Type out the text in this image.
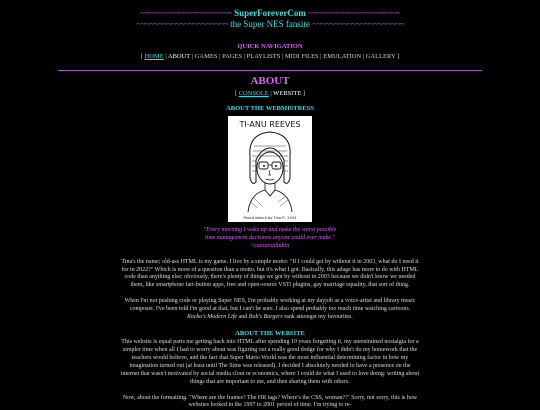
~~~~~~~~~~~~~~~~~~~~~ SuperForeverCom ~~~~~~~~~~~~~~~~~~~~~
~~~~~~~~~~~~~~~~~~~~~ the Super NES fansite ~~~~~~~~~~~~~~~~~~~~~
QUICK NAVIGATION
[ HOME | ABOUT | GAMES | PAGES | PLAYLISTS | MIDI FILES | EMULATION | GALLERY ]
ABOUT
[ CONSOLE | WEBSITE ]
ABOUT THE WEBMISTRESS
TI-ANU REEVES
Pencil sketch by Tina P., 2019
"Every morning I wake up and make the worst possible
time management decisions anyone could ever make."
~caesarsaladtin
Tina's the name; old-ass HTML is my game. I live by a simple motto: "If I could get by without it in 2003, what do I need it for in 2022?" Which is more of a question than a motto, but it's what I got. Basically, this adage has more to do with HTML code than anything else; obviously, there's plenty of things we got by without in 2003 because we didn't know we needed them, like smartphone fart-button apps, free and open-source VSTi plugins, gay marriage equality, that sort of thing.
When I'm not pushing code or playing Super NES, I'm probably working at my dayjob as a voice-artist and library music composer. I've been told I'm good at that, but I can't be sure. I also spend probably too much time watching cartoons. Rocko's Modern Life and Bob's Burgers rank amongst my favourites.
ABOUT THE WEBSITE
This website is equal parts me getting back into HTML after spending 10 years forgetting it, my unrestrained nostalgia for a simpler time when all I had to worry about was figuring out a really good dodge for why I didn't do my homework that the teachers would believe, and the fact that Super Mario World was the most influential determining factor in how my imagination turned out (at least until The Sims was released). I decided I absolutely needed to have a presence on the internet that wasn't motivated by social media clout or economics, where I could do what I used to love doing: writing about things that are important to me, and then sharing them with others.
Now, about the formatting. "Where are the frames? The HR tags? Where's the CSS, woman?!" Sorry, not sorry, this is how websites looked in the 1997 to 2001 period of time. I'm trying to re-
